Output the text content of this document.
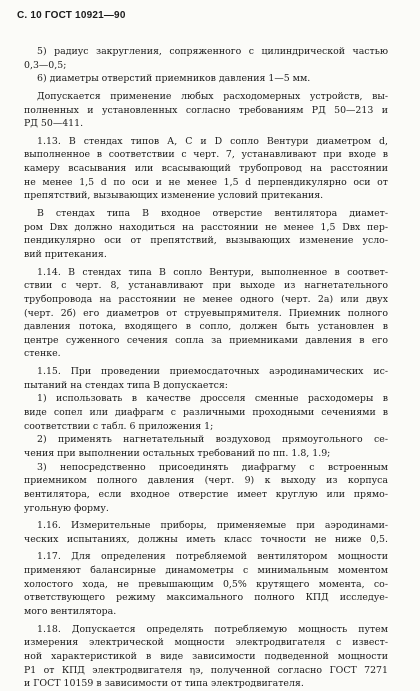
С. 10 ГОСТ 10921—90
5) радиус закругления, сопряженного с цилиндрической частью
0,3—0,5;
6) диаметры отверстий приемников давления 1—5 мм.
Допускается применение любых расходомерных устройств, вы-
полненных и установленных согласно требованиям РД 50—213 и
РД 50—411.
1.13. В стендах типов А, С и D сопло Вентури диаметром d,
выполненное в соответствии с черт. 7, устанавливают при входе в
камеру всасывания или всасывающий трубопровод на расстоянии
не менее 1,5 d по оси и не менее 1,5 d перпендикулярно оси от
препятствий, вызывающих изменение условий притекания.
В стендах типа В входное отверстие вентилятора диамет-
ром Dвх должно находиться на расстоянии не менее 1,5 Dвх пер-
пендикулярно оси от препятствий, вызывающих изменение усло-
вий притекания.
1.14. В стендах типа В сопло Вентури, выполненное в соответ-
ствии с черт. 8, устанавливают при выходе из нагнетательного
трубопровода на расстоянии не менее одного (черт. 2а) или двух
(черт. 2б) его диаметров от струевыпрямителя. Приемник полного
давления потока, входящего в сопло, должен быть установлен в
центре суженного сечения сопла за приемниками давления в его
стенке.
1.15. При проведении приемосдаточных аэродинамических ис-
пытаний на стендах типа В допускается:
1) использовать в качестве дросселя сменные расходомеры в
виде сопел или диафрагм с различными проходными сечениями в
соответствии с табл. 6 приложения 1;
2) применять нагнетательный воздуховод прямоугольного се-
чения при выполнении остальных требований по пп. 1.8, 1.9;
3) непосредственно присоединять диафрагму с встроенным
приемником полного давления (черт. 9) к выходу из корпуса
вентилятора, если входное отверстие имеет круглую или прямо-
угольную форму.
1.16. Измерительные приборы, применяемые при аэродинами-
ческих испытаниях, должны иметь класс точности не ниже 0,5.
1.17. Для определения потребляемой вентилятором мощности
применяют балансирные динамометры с минимальным моментом
холостого хода, не превышающим 0,5% крутящего момента, со-
ответствующего режиму максимального полного КПД исследуе-
мого вентилятора.
1.18. Допускается определять потребляемую мощность путем
измерения электрической мощности электродвигателя с извест-
ной характеристикой в виде зависимости подведенной мощности
P1 от КПД электродвигателя ηэ, полученной согласно ГОСТ 7271
и ГОСТ 10159 в зависимости от типа электродвигателя.
